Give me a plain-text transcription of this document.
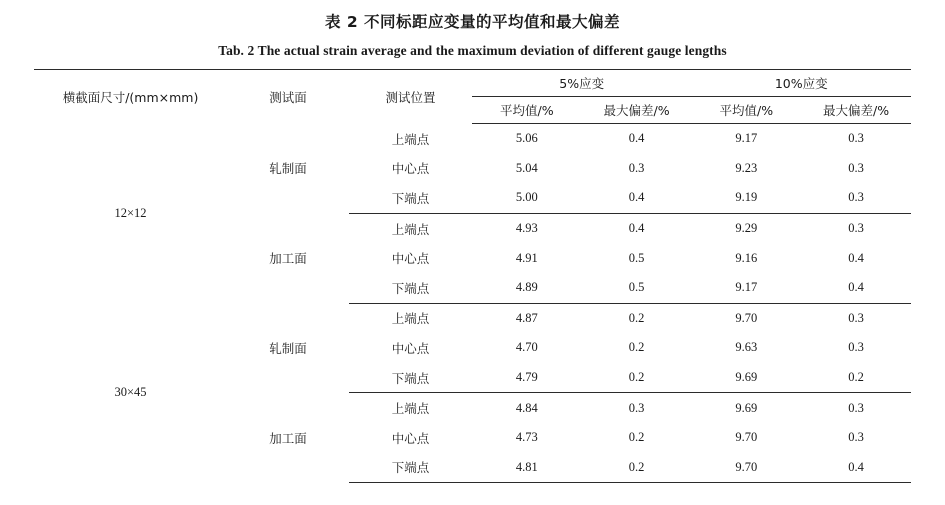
表 2 不同标距应变量的平均值和最大偏差
Tab. 2 The actual strain average and the maximum deviation of different gauge lengths
横截面尺寸/(mm×mm)	测试面	测试位置	5%应变		10%应变	
			平均值/%	最大偏差/%	平均值/%	最大偏差/%
12×12	轧制面	上端点	5.06	0.4	9.17	0.3
		中心点	5.04	0.3	9.23	0.3
		下端点	5.00	0.4	9.19	0.3
	加工面	上端点	4.93	0.4	9.29	0.3
		中心点	4.91	0.5	9.16	0.4
		下端点	4.89	0.5	9.17	0.4
30×45	轧制面	上端点	4.87	0.2	9.70	0.3
		中心点	4.70	0.2	9.63	0.3
		下端点	4.79	0.2	9.69	0.2
	加工面	上端点	4.84	0.3	9.69	0.3
		中心点	4.73	0.2	9.70	0.3
		下端点	4.81	0.2	9.70	0.4
